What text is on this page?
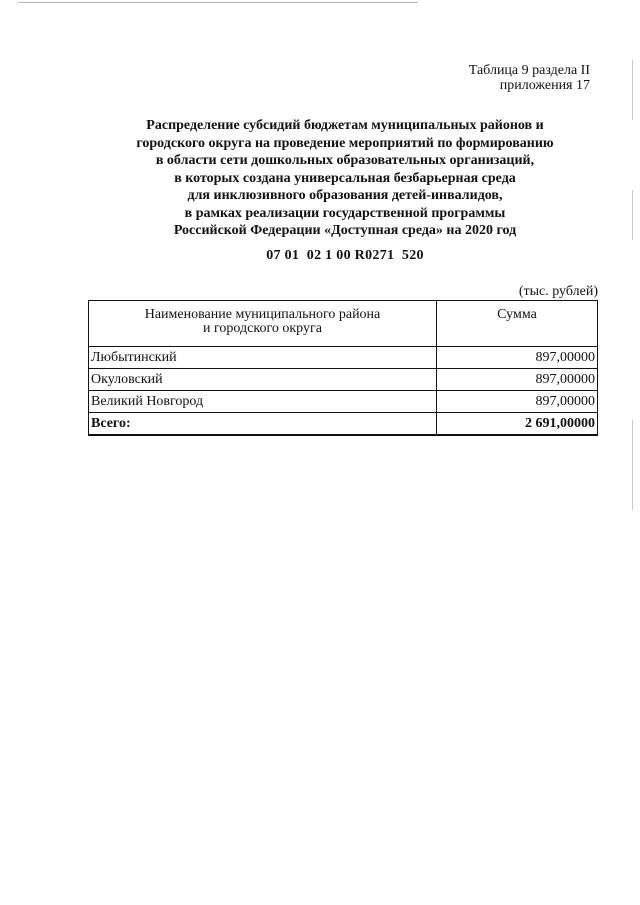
Таблица 9 раздела II
приложения 17
Распределение субсидий бюджетам муниципальных районов и
городского округа на проведение мероприятий по формированию
в области сети дошкольных образовательных организаций,
в которых создана универсальная безбарьерная среда
для инклюзивного образования детей-инвалидов,
в рамках реализации государственной программы
Российской Федерации «Доступная среда» на 2020 год
07 01  02 1 00 R0271  520
(тыс. рублей)
Наименование муниципального района
и городского округа	Сумма
Любытинский	897,00000
Окуловский	897,00000
Великий Новгород	897,00000
Всего:	2 691,00000
